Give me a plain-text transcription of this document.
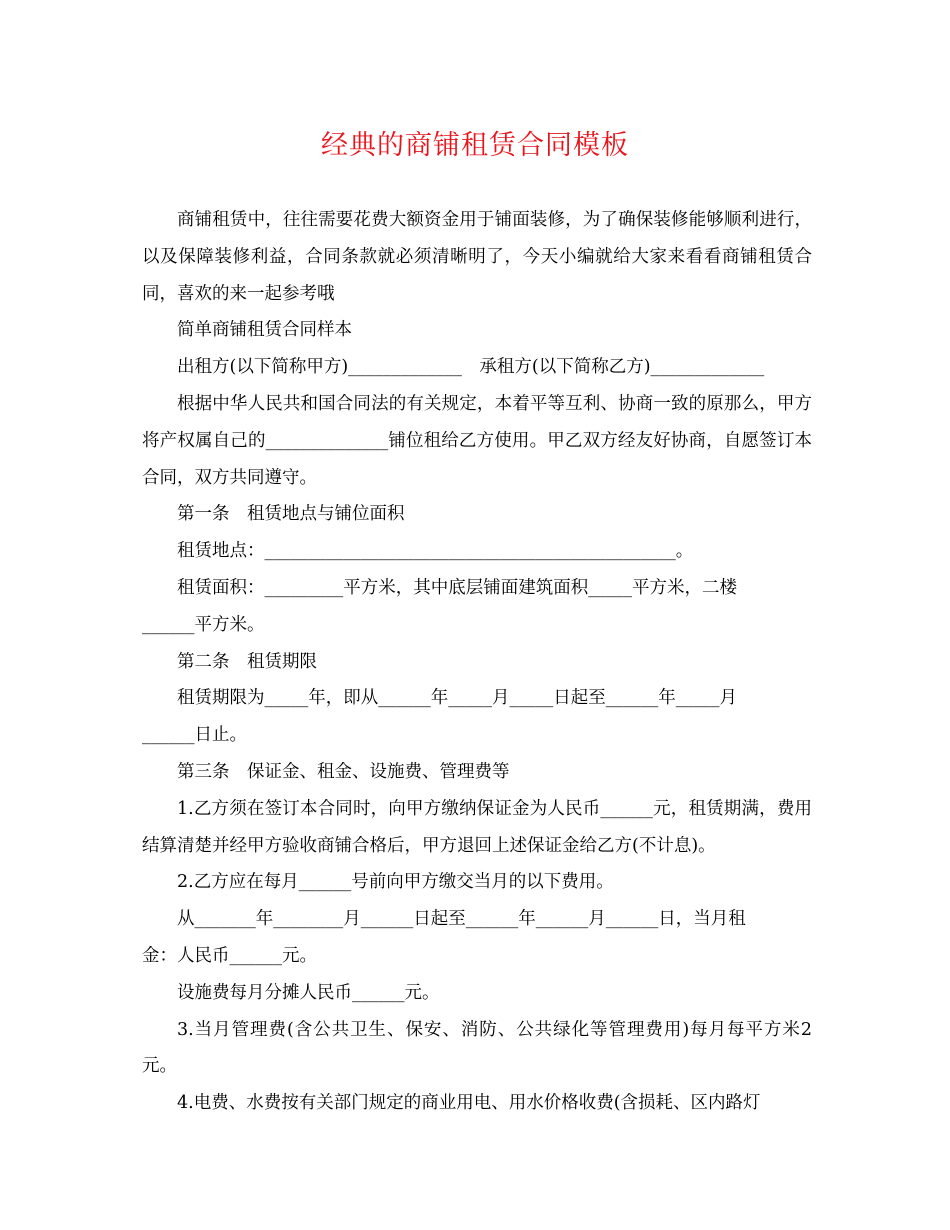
经典的商铺租赁合同模板

商铺租赁中，往往需要花费大额资金用于铺面装修，为了确保装修能够顺利进行，以及保障装修利益，合同条款就必须清晰明了，今天小编就给大家来看看商铺租赁合同，喜欢的来一起参考哦

简单商铺租赁合同样本

出租方(以下简称甲方)_____________　承租方(以下简称乙方)_____________

根据中华人民共和国合同法的有关规定，本着平等互利、协商一致的原那么，甲方将产权属自己的______________铺位租给乙方使用。甲乙双方经友好协商，自愿签订本合同，双方共同遵守。

第一条　租赁地点与铺位面积

租赁地点：_______________________________________________。

租赁面积：_________平方米，其中底层铺面建筑面积_____平方米，二楼

______平方米。

第二条　租赁期限

租赁期限为_____年，即从______年_____月_____日起至______年_____月

______日止。

第三条　保证金、租金、设施费、管理费等

1.乙方须在签订本合同时，向甲方缴纳保证金为人民币______元，租赁期满，费用结算清楚并经甲方验收商铺合格后，甲方退回上述保证金给乙方(不计息)。

2.乙方应在每月______号前向甲方缴交当月的以下费用。

从_______年________月______日起至______年______月______日，当月租

金：人民币______元。

设施费每月分摊人民币______元。

3.当月管理费(含公共卫生、保安、消防、公共绿化等管理费用)每月每平方米2元。

4.电费、水费按有关部门规定的商业用电、用水价格收费(含损耗、区内路灯
